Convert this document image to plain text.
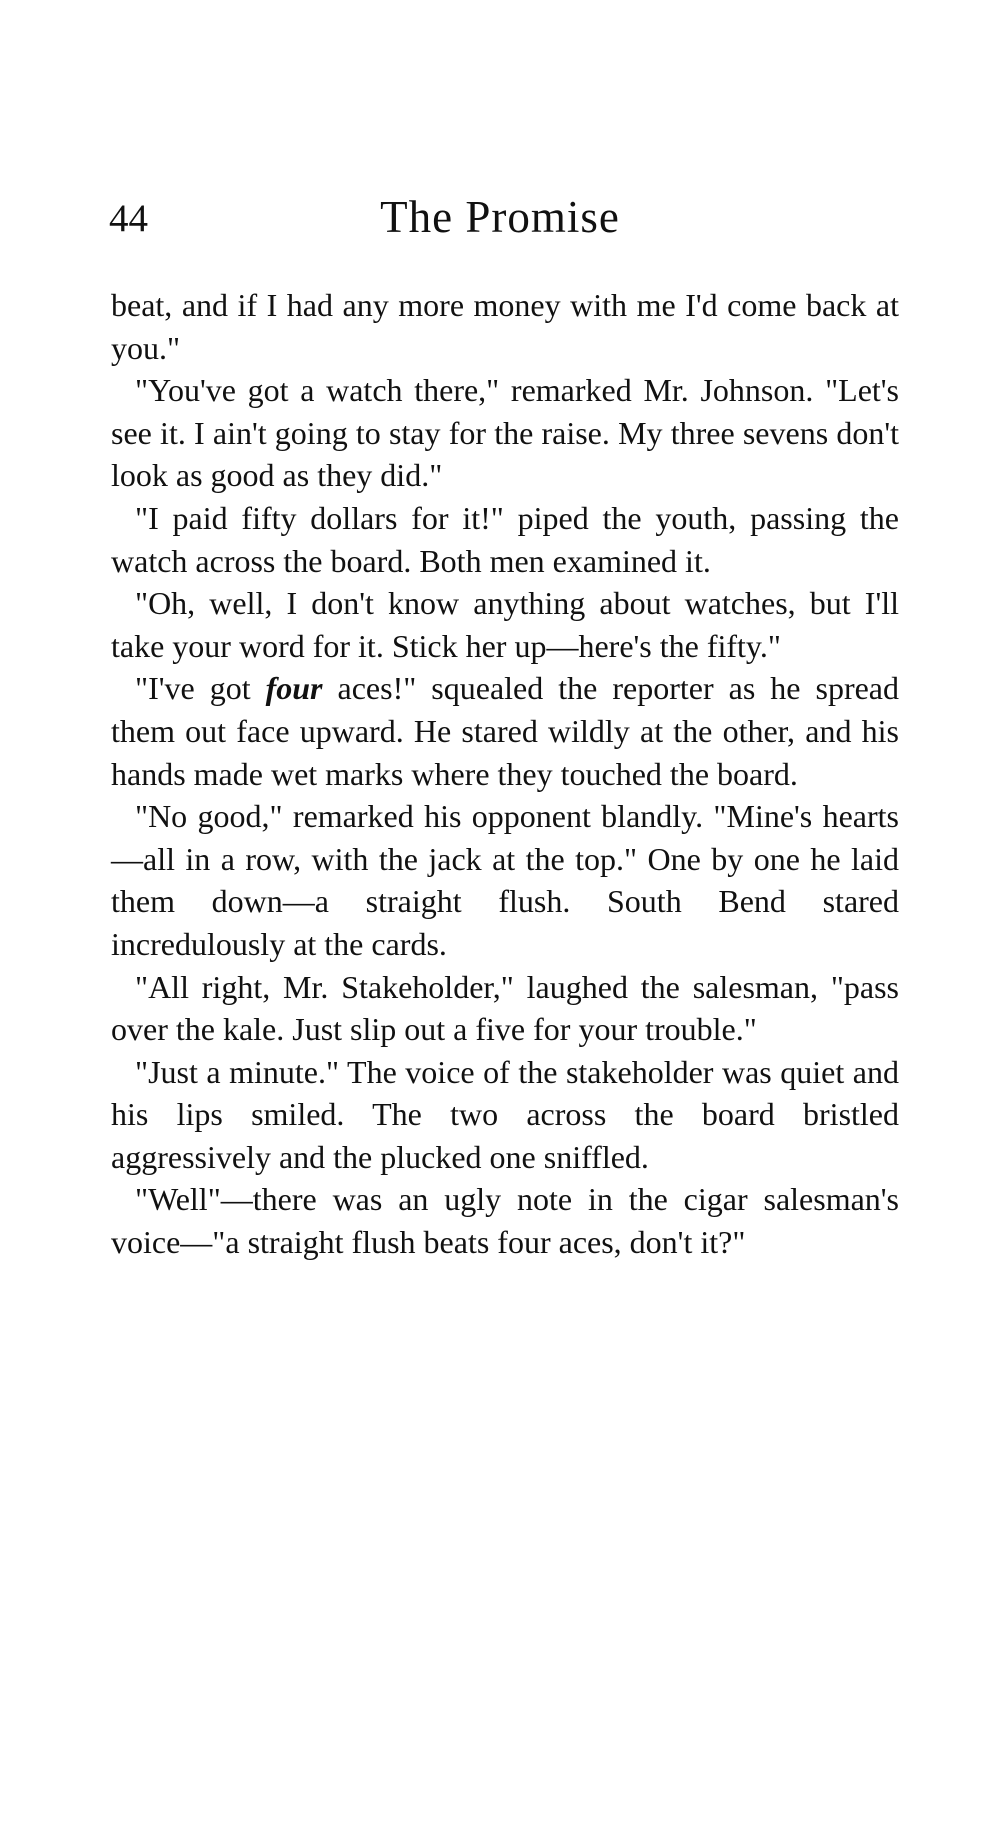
44	The Promise

beat, and if I had any more money with me I'd come back at you."

"You've got a watch there," remarked Mr. Johnson. "Let's see it. I ain't going to stay for the raise. My three sevens don't look as good as they did."

"I paid fifty dollars for it!" piped the youth, passing the watch across the board. Both men examined it.

"Oh, well, I don't know anything about watches, but I'll take your word for it. Stick her up—here's the fifty."

"I've got four aces!" squealed the reporter as he spread them out face upward. He stared wildly at the other, and his hands made wet marks where they touched the board.

"No good," remarked his opponent blandly. "Mine's hearts—all in a row, with the jack at the top." One by one he laid them down—a straight flush. South Bend stared incredulously at the cards.

"All right, Mr. Stakeholder," laughed the salesman, "pass over the kale. Just slip out a five for your trouble."

"Just a minute." The voice of the stakeholder was quiet and his lips smiled. The two across the board bristled aggressively and the plucked one sniffled.

"Well"—there was an ugly note in the cigar salesman's voice—"a straight flush beats four aces, don't it?"
